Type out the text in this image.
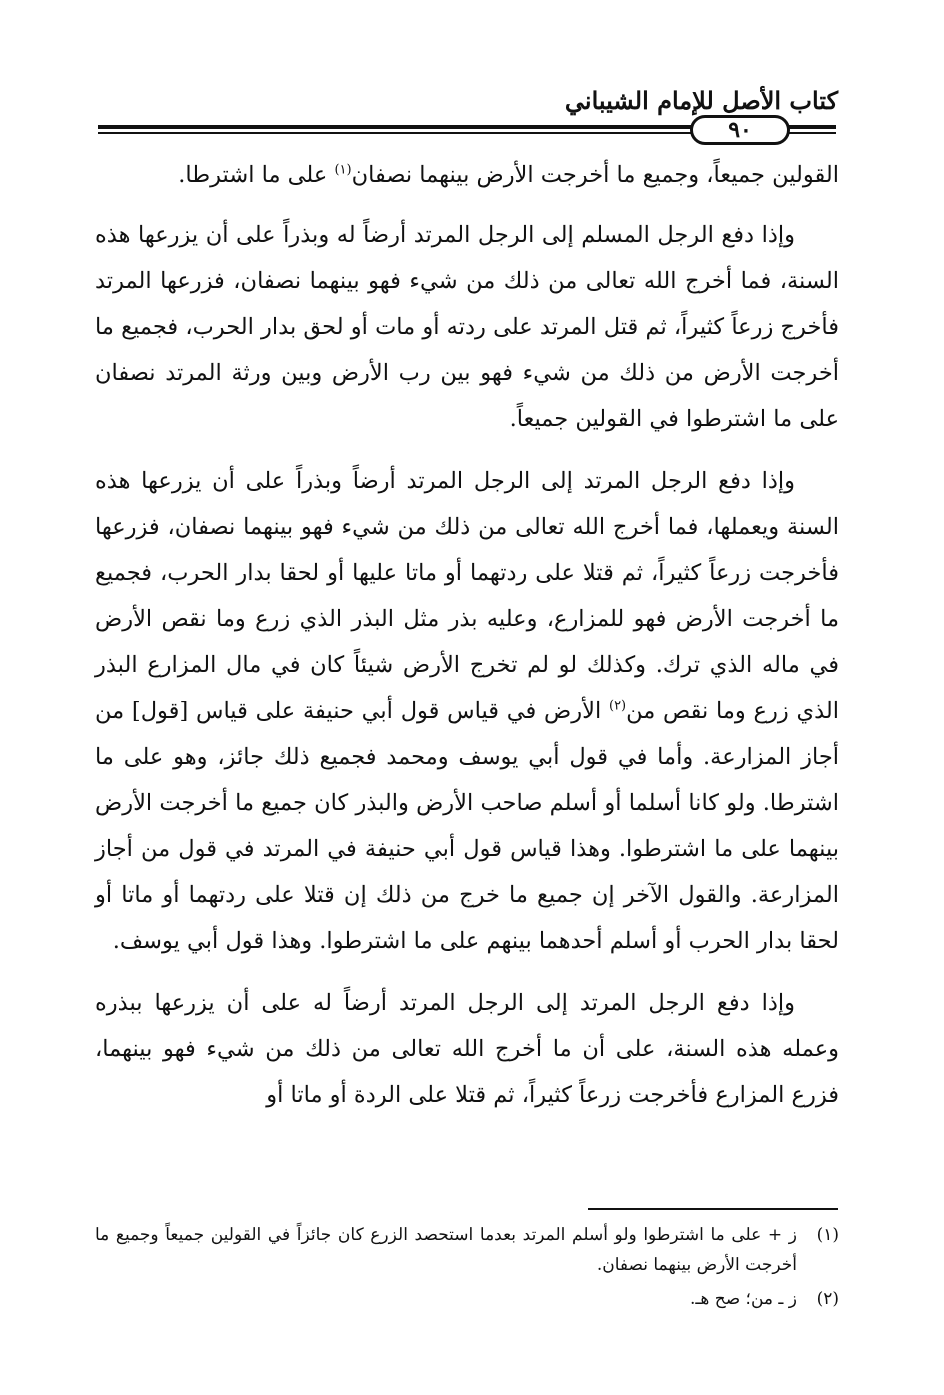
كتاب الأصل للإمام الشيباني
٩٠

القولين جميعاً، وجميع ما أخرجت الأرض بينهما نصفان$^{(١)}$ على ما اشترطا.

وإذا دفع الرجل المسلم إلى الرجل المرتد أرضاً له وبذراً على أن يزرعها هذه السنة، فما أخرج الله تعالى من ذلك من شيء فهو بينهما نصفان، فزرعها المرتد فأخرج زرعاً كثيراً، ثم قتل المرتد على ردته أو مات أو لحق بدار الحرب، فجميع ما أخرجت الأرض من ذلك من شيء فهو بين رب الأرض وبين ورثة المرتد نصفان على ما اشترطوا في القولين جميعاً.

وإذا دفع الرجل المرتد إلى الرجل المرتد أرضاً وبذراً على أن يزرعها هذه السنة ويعملها، فما أخرج الله تعالى من ذلك من شيء فهو بينهما نصفان، فزرعها فأخرجت زرعاً كثيراً، ثم قتلا على ردتهما أو ماتا عليها أو لحقا بدار الحرب، فجميع ما أخرجت الأرض فهو للمزارع، وعليه بذر مثل البذر الذي زرع وما نقص الأرض في ماله الذي ترك. وكذلك لو لم تخرج الأرض شيئاً كان في مال المزارع البذر الذي زرع وما نقص من$^{(٢)}$ الأرض في قياس قول أبي حنيفة على قياس [قول] من أجاز المزارعة. وأما في قول أبي يوسف ومحمد فجميع ذلك جائز، وهو على ما اشترطا. ولو كانا أسلما أو أسلم صاحب الأرض والبذر كان جميع ما أخرجت الأرض بينهما على ما اشترطوا. وهذا قياس قول أبي حنيفة في المرتد في قول من أجاز المزارعة. والقول الآخر إن جميع ما خرج من ذلك إن قتلا على ردتهما أو ماتا أو لحقا بدار الحرب أو أسلم أحدهما بينهم على ما اشترطوا. وهذا قول أبي يوسف.

وإذا دفع الرجل المرتد إلى الرجل المرتد أرضاً له على أن يزرعها ببذره وعمله هذه السنة، على أن ما أخرج الله تعالى من ذلك من شيء فهو بينهما، فزرع المزارع فأخرجت زرعاً كثيراً، ثم قتلا على الردة أو ماتا أو

(١)
ز + على ما اشترطوا ولو أسلم المرتد بعدما استحصد الزرع كان جائزاً في القولين جميعاً وجميع ما أخرجت الأرض بينهما نصفان.
(٢)
ز ـ من؛ صح هـ.
